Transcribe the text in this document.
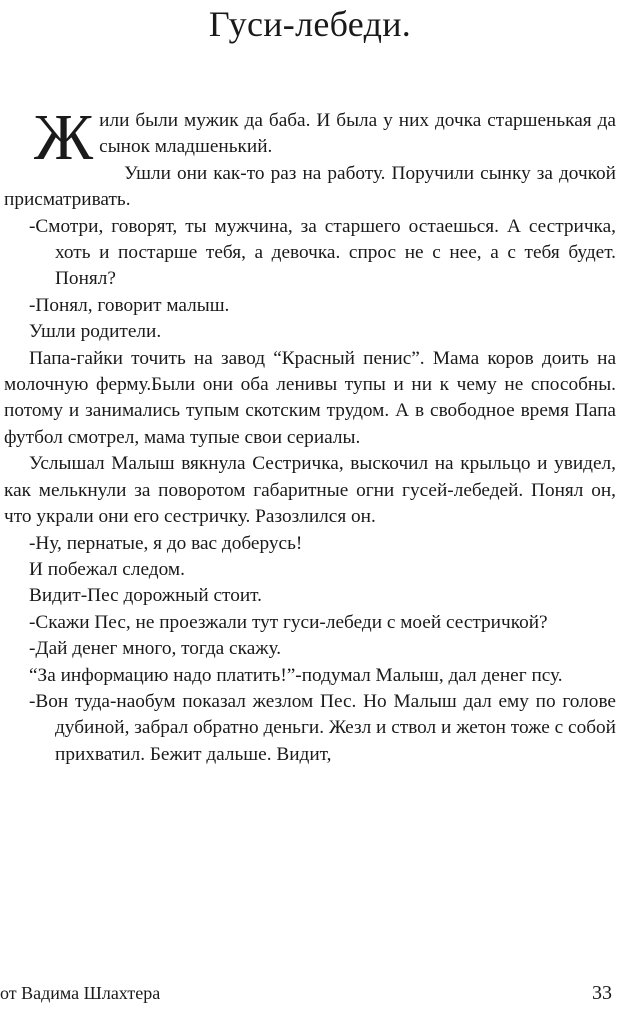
Гуси-лебеди.

Жили были мужик да баба. И была у них дочка старшенькая да сынок младшенький.

Ушли они как-то раз на работу. Поручили сынку за дочкой присматривать.

-Смотри, говорят, ты мужчина, за старшего остаешься. А сестричка, хоть и постарше тебя, а девочка. спрос не с нее, а с тебя будет. Понял?

-Понял, говорит малыш.

Ушли родители.

Папа-гайки точить на завод “Красный пенис”. Мама коров доить на молочную ферму.Были они оба ленивы тупы и ни к чему не способны. потому и занимались тупым скотским трудом. А в свободное время Папа футбол смотрел, мама тупые свои сериалы.

Услышал Малыш вякнула Сестричка, выскочил на крыльцо и увидел, как мелькнули за поворотом габаритные огни гусей-лебедей. Понял он, что украли они его сестричку. Разозлился он.

-Ну, пернатые, я до вас доберусь!

И побежал следом.

Видит-Пес дорожный стоит.

-Скажи Пес, не проезжали тут гуси-лебеди с моей сестричкой?

-Дай денег много, тогда скажу.

“За информацию надо платить!”-подумал Малыш, дал денег псу.

-Вон туда-наобум показал жезлом Пес. Но Малыш дал ему по голове дубиной, забрал обратно деньги. Жезл и ствол и жетон тоже с собой прихватил. Бежит дальше. Видит,

от Вадима Шлахтера	33
